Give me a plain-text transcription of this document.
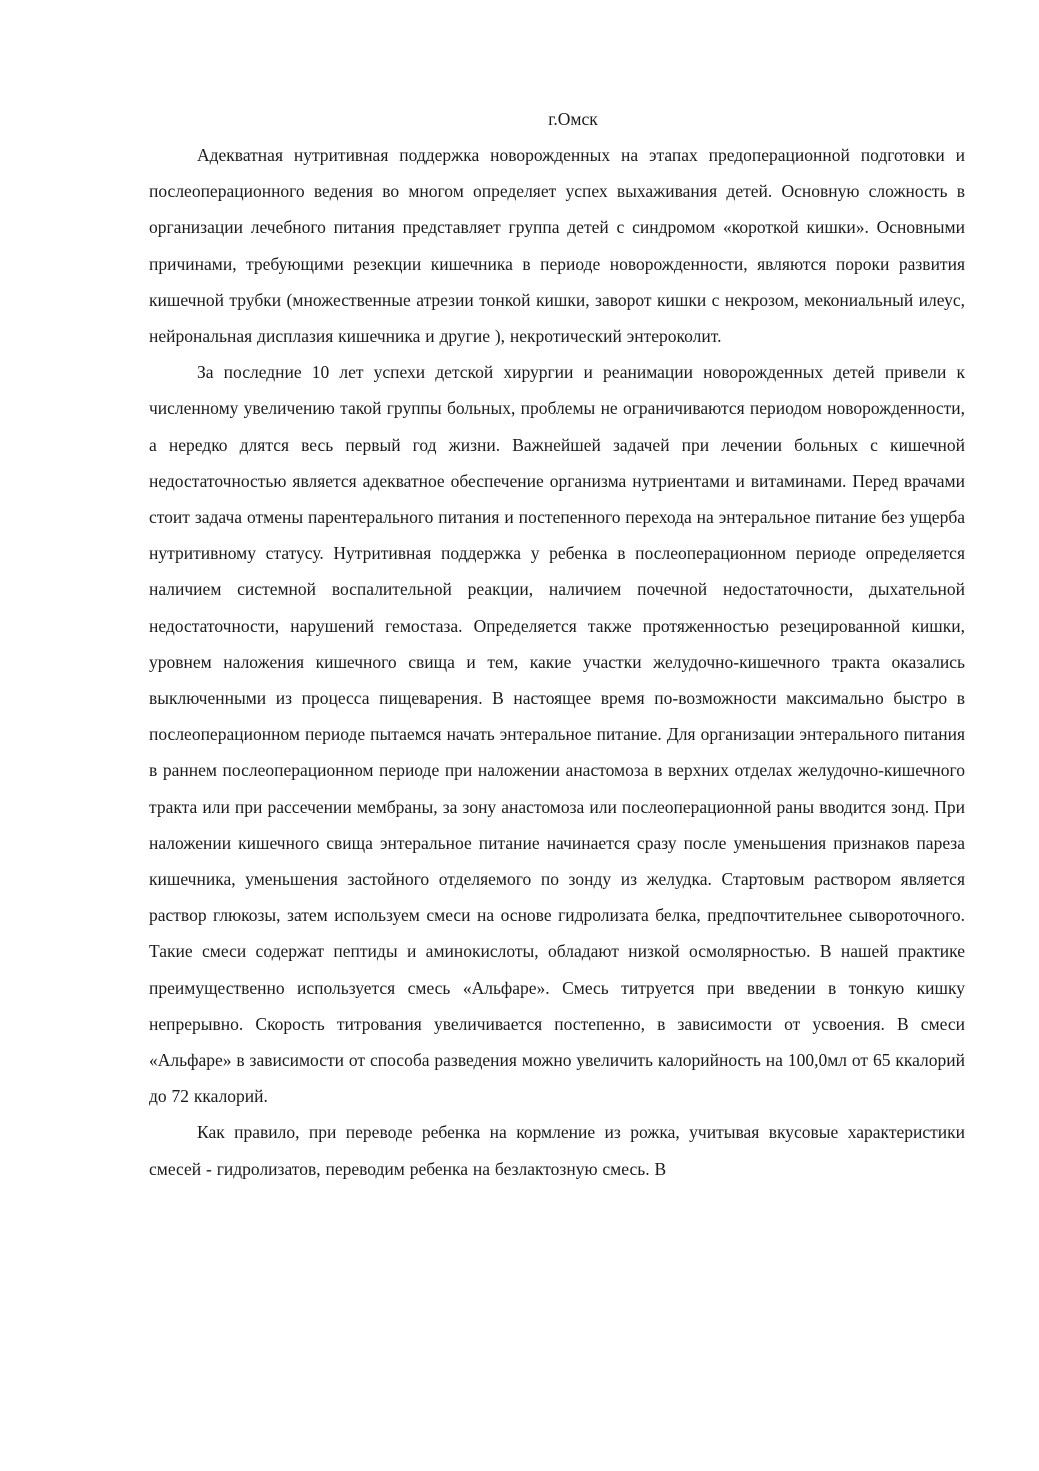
г.Омск

Адекватная нутритивная поддержка новорожденных на этапах предоперационной подготовки и послеоперационного ведения во многом определяет успех выхаживания детей. Основную сложность в организации лечебного питания представляет группа детей с синдромом «короткой кишки». Основными причинами, требующими резекции кишечника в периоде новорожденности, являются пороки развития кишечной трубки (множественные атрезии тонкой кишки, заворот кишки с некрозом, мекониальный илеус, нейрональная дисплазия кишечника и другие ), некротический энтероколит.

За последние 10 лет успехи детской хирургии и реанимации новорожденных детей привели к численному увеличению такой группы больных, проблемы не ограничиваются периодом новорожденности, а нередко длятся весь первый год жизни. Важнейшей задачей при лечении больных с кишечной недостаточностью является адекватное обеспечение организма нутриентами и витаминами. Перед врачами стоит задача отмены парентерального питания и постепенного перехода на энтеральное питание без ущерба нутритивному статусу. Нутритивная поддержка у ребенка в послеоперационном периоде определяется наличием системной воспалительной реакции, наличием почечной недостаточности, дыхательной недостаточности, нарушений гемостаза. Определяется также протяженностью резецированной кишки, уровнем наложения кишечного свища и тем, какие участки желудочно-кишечного тракта оказались выключенными из процесса пищеварения. В настоящее время по-возможности максимально быстро в послеоперационном периоде пытаемся начать энтеральное питание. Для организации энтерального питания в раннем послеоперационном периоде при наложении анастомоза в верхних отделах желудочно-кишечного тракта или при рассечении мембраны, за зону анастомоза или послеоперационной раны вводится зонд. При наложении кишечного свища энтеральное питание начинается сразу после уменьшения признаков пареза кишечника, уменьшения застойного отделяемого по зонду из желудка. Стартовым раствором является раствор глюкозы, затем используем смеси на основе гидролизата белка, предпочтительнее сывороточного. Такие смеси содержат пептиды и аминокислоты, обладают низкой осмолярностью. В нашей практике преимущественно используется смесь «Альфаре». Смесь титруется при введении в тонкую кишку непрерывно. Скорость титрования увеличивается постепенно, в зависимости от усвоения. В смеси «Альфаре» в зависимости от способа разведения можно увеличить калорийность на 100,0мл от 65 ккалорий до 72 ккалорий.

Как правило, при переводе ребенка на кормление из рожка, учитывая вкусовые характеристики смесей - гидролизатов, переводим ребенка на безлактозную смесь. В
